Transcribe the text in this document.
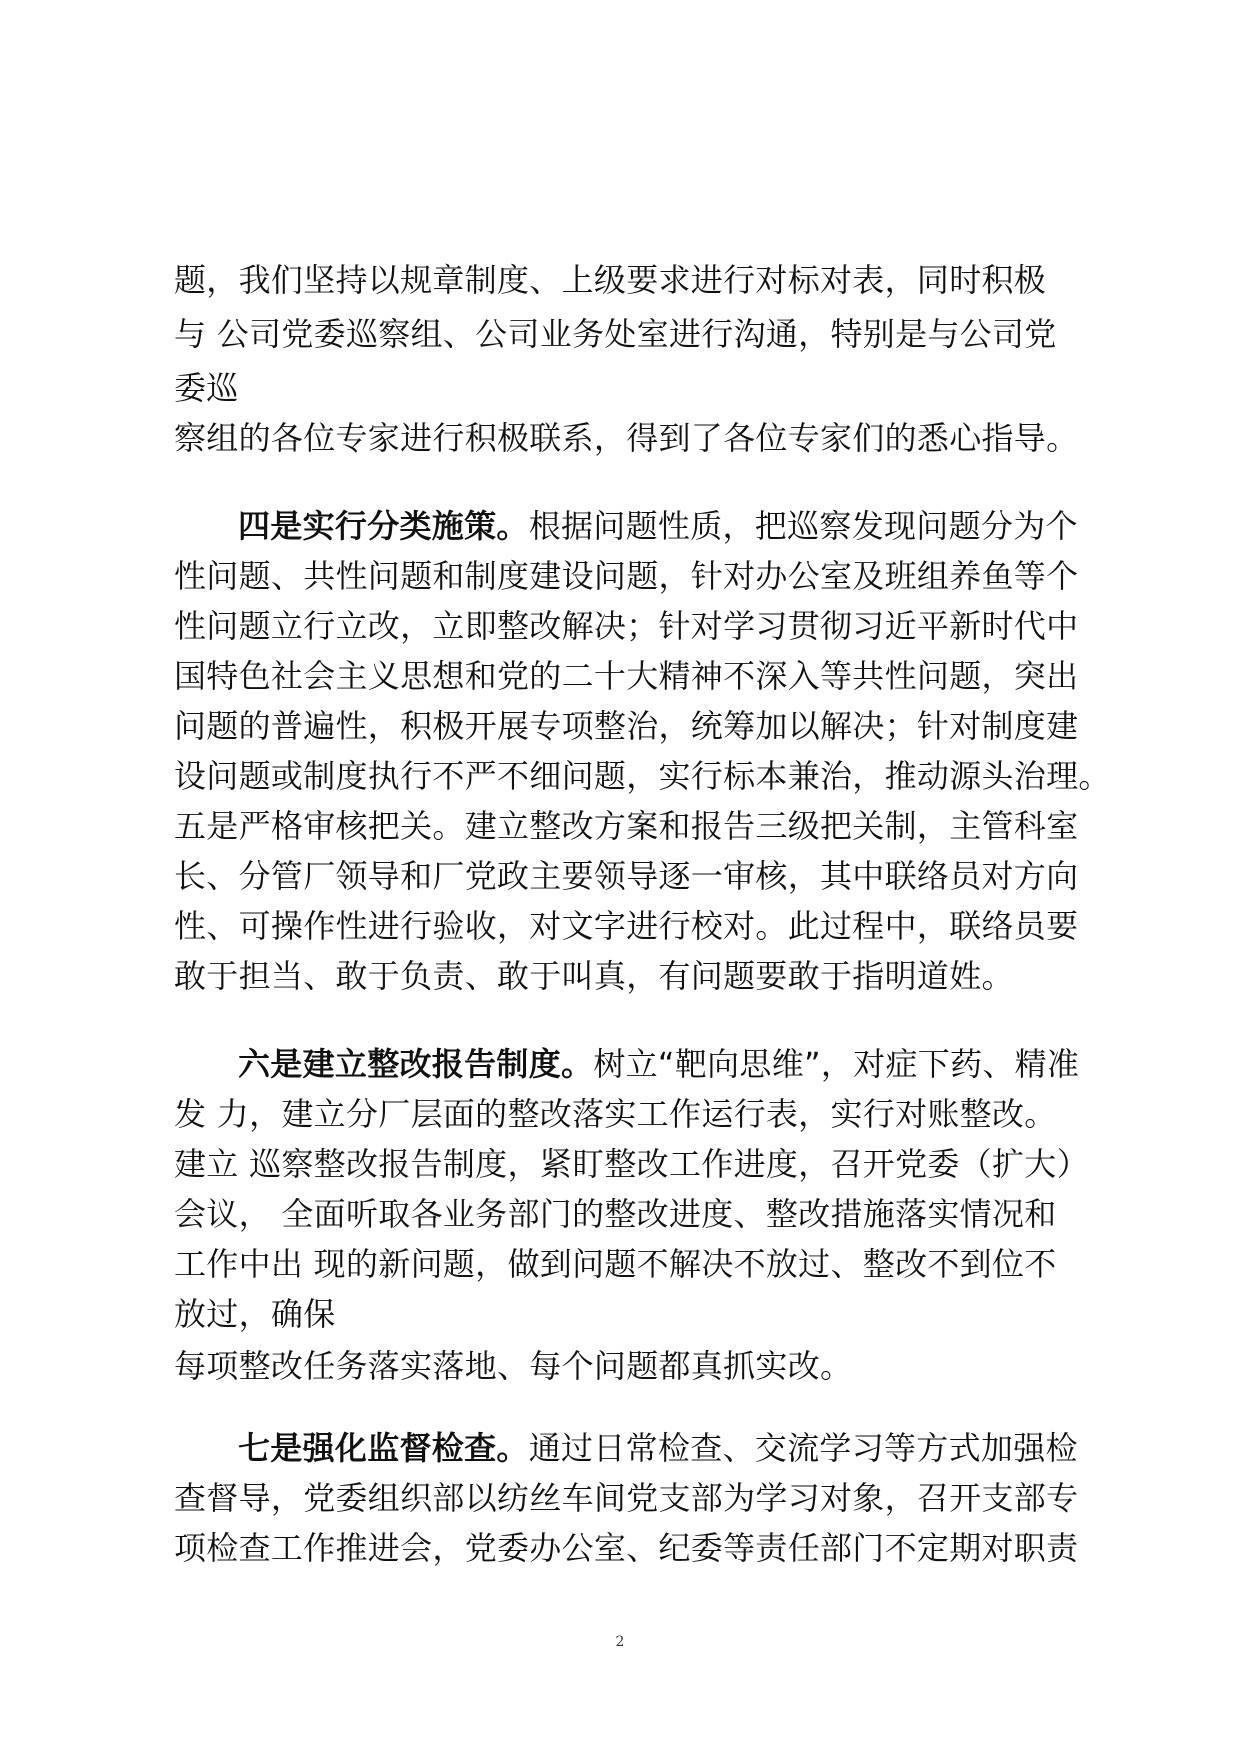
题，我们坚持以规章制度、上级要求进行对标对表，同时积极
与 公司党委巡察组、公司业务处室进行沟通，特别是与公司党
委巡
察组的各位专家进行积极联系，得到了各位专家们的悉心指导。
四是实行分类施策。根据问题性质，把巡察发现问题分为个
性问题、共性问题和制度建设问题，针对办公室及班组养鱼等个
性问题立行立改，立即整改解决；针对学习贯彻习近平新时代中
国特色社会主义思想和党的二十大精神不深入等共性问题，突出
问题的普遍性，积极开展专项整治，统筹加以解决；针对制度建
设问题或制度执行不严不细问题，实行标本兼治，推动源头治理。
五是严格审核把关。建立整改方案和报告三级把关制，主管科室
长、分管厂领导和厂党政主要领导逐一审核，其中联络员对方向
性、可操作性进行验收，对文字进行校对。此过程中，联络员要
敢于担当、敢于负责、敢于叫真，有问题要敢于指明道姓。
六是建立整改报告制度。树立“靶向思维”，对症下药、精准
发 力，建立分厂层面的整改落实工作运行表，实行对账整改。
建立 巡察整改报告制度，紧盯整改工作进度，召开党委（扩大）
会议， 全面听取各业务部门的整改进度、整改措施落实情况和
工作中出 现的新问题，做到问题不解决不放过、整改不到位不
放过，确保
每项整改任务落实落地、每个问题都真抓实改。
七是强化监督检查。通过日常检查、交流学习等方式加强检
查督导，党委组织部以纺丝车间党支部为学习对象，召开支部专
项检查工作推进会，党委办公室、纪委等责任部门不定期对职责
2
